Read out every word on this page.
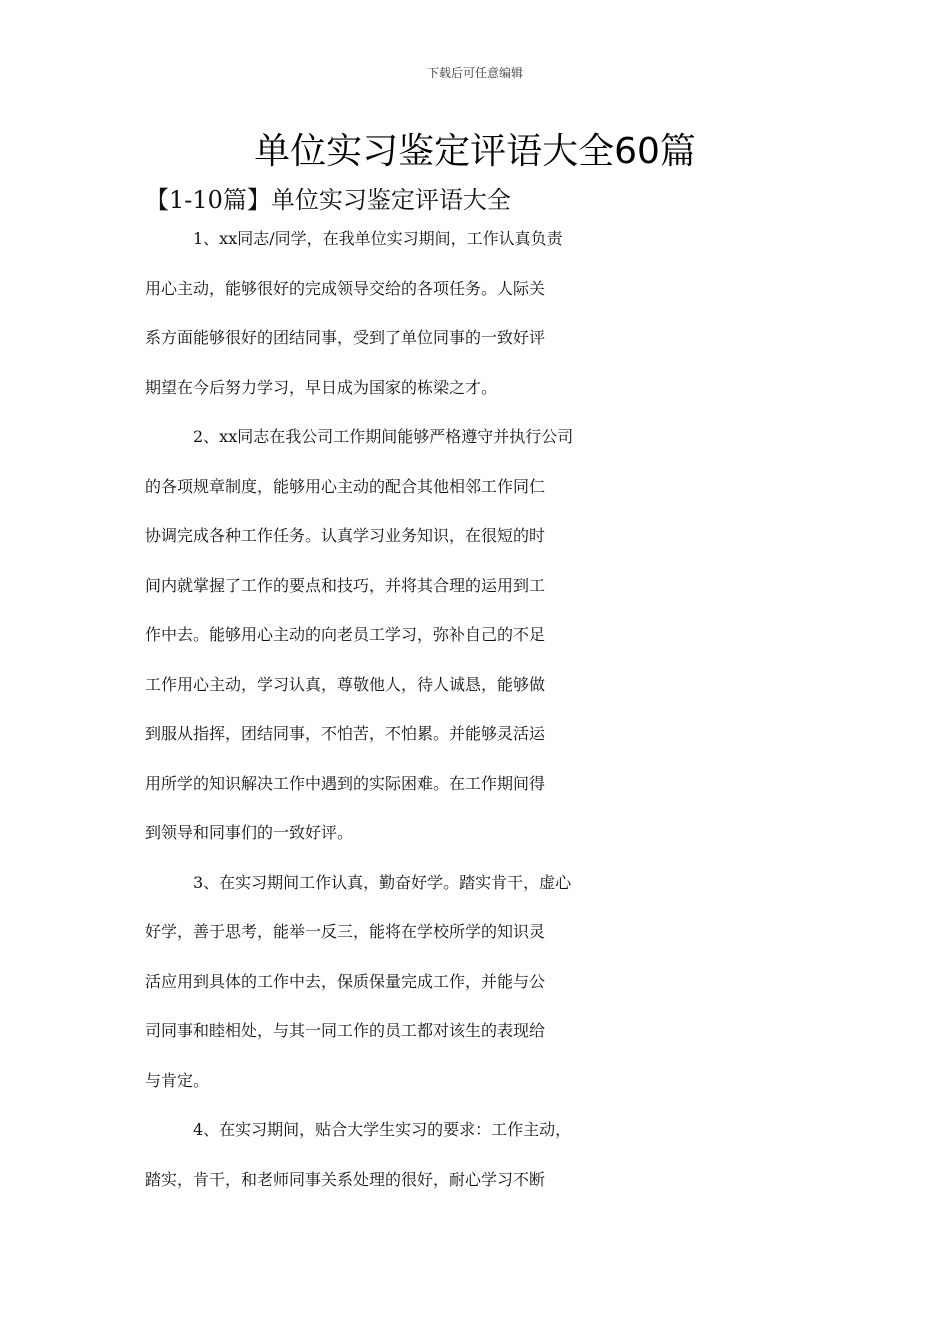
下载后可任意编辑
单位实习鉴定评语大全60篇
【1-10篇】单位实习鉴定评语大全
1、xx同志/同学，在我单位实习期间，工作认真负责
用心主动，能够很好的完成领导交给的各项任务。人际关
系方面能够很好的团结同事，受到了单位同事的一致好评
期望在今后努力学习，早日成为国家的栋梁之才。
2、xx同志在我公司工作期间能够严格遵守并执行公司
的各项规章制度，能够用心主动的配合其他相邻工作同仁
协调完成各种工作任务。认真学习业务知识，在很短的时
间内就掌握了工作的要点和技巧，并将其合理的运用到工
作中去。能够用心主动的向老员工学习，弥补自己的不足
工作用心主动，学习认真，尊敬他人，待人诚恳，能够做
到服从指挥，团结同事，不怕苦，不怕累。并能够灵活运
用所学的知识解决工作中遇到的实际困难。在工作期间得
到领导和同事们的一致好评。
3、在实习期间工作认真，勤奋好学。踏实肯干，虚心
好学，善于思考，能举一反三，能将在学校所学的知识灵
活应用到具体的工作中去，保质保量完成工作，并能与公
司同事和睦相处，与其一同工作的员工都对该生的表现给
与肯定。
4、在实习期间，贴合大学生实习的要求：工作主动，
踏实，肯干，和老师同事关系处理的很好，耐心学习不断
